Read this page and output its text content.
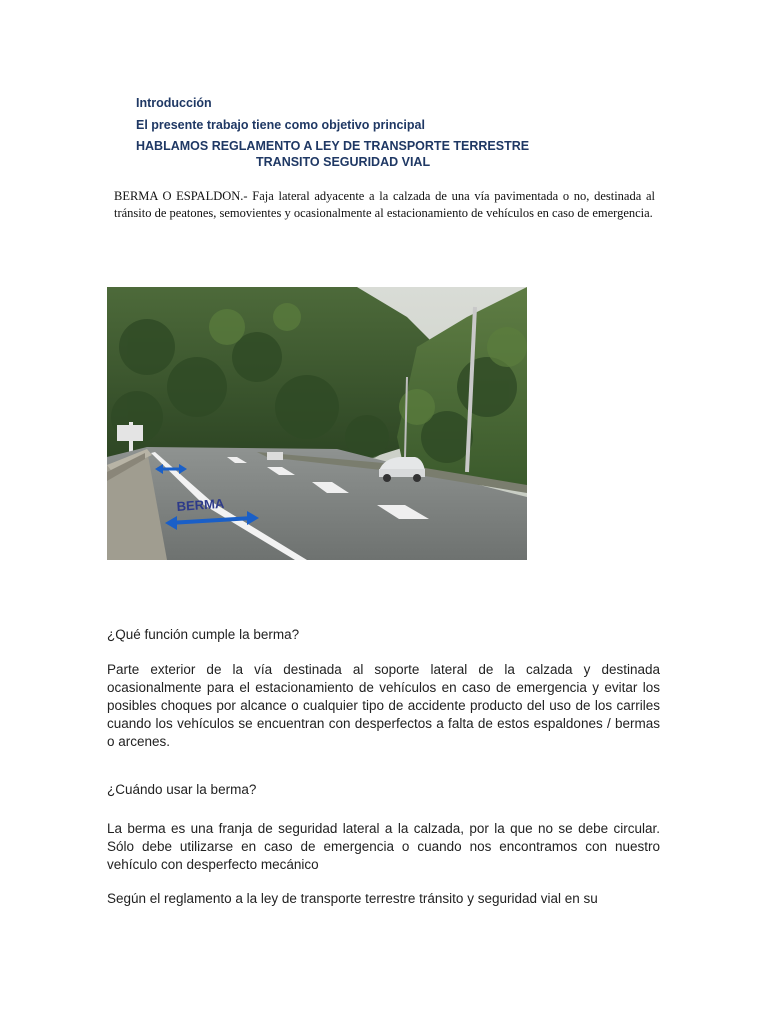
Introducción
El presente trabajo tiene como objetivo principal
HABLAMOS REGLAMENTO A LEY DE TRANSPORTE TERRESTRE
TRANSITO SEGURIDAD VIAL
BERMA O ESPALDON.- Faja lateral adyacente a la calzada de una vía pavimentada o no, destinada al tránsito de peatones, semovientes y ocasionalmente al estacionamiento de vehículos en caso de emergencia.
BERMA
¿Qué función cumple la berma?
Parte exterior de la vía destinada al soporte lateral de la calzada y destinada ocasionalmente para el estacionamiento de vehículos en caso de emergencia y evitar los posibles choques por alcance o cualquier tipo de accidente producto del uso de los carriles cuando los vehículos se encuentran con desperfectos a falta de estos espaldones / bermas o arcenes.
¿Cuándo usar la berma?
La berma es una franja de seguridad lateral a la calzada, por la que no se debe circular. Sólo debe utilizarse en caso de emergencia o cuando nos encontramos con nuestro vehículo con desperfecto mecánico
Según el reglamento a la ley de transporte terrestre tránsito y seguridad vial en su
